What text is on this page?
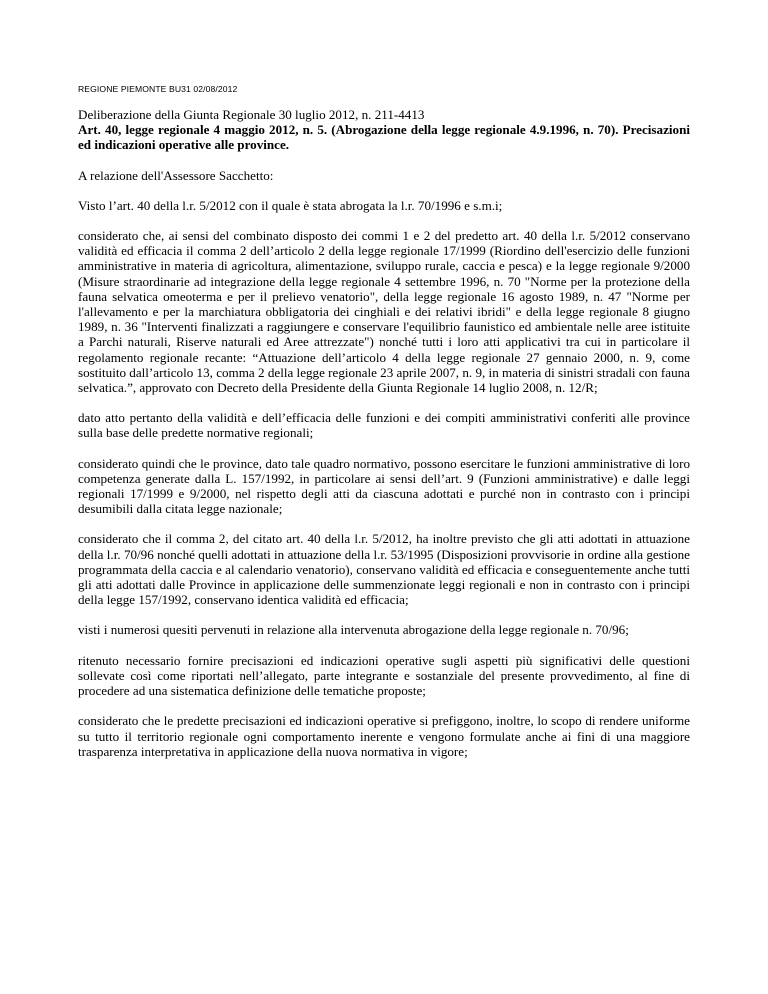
REGIONE PIEMONTE BU31 02/08/2012
Deliberazione della Giunta Regionale 30 luglio 2012, n. 211-4413
Art. 40, legge regionale 4 maggio 2012, n. 5. (Abrogazione della legge regionale 4.9.1996, n. 70). Precisazioni ed indicazioni operative alle province.

A relazione dell'Assessore Sacchetto:

Visto l’art. 40 della l.r. 5/2012 con il quale è stata abrogata la l.r. 70/1996 e s.m.i;

considerato che, ai sensi del combinato disposto dei commi 1 e 2 del predetto art. 40 della l.r. 5/2012 conservano validità ed efficacia il comma 2 dell’articolo 2 della legge regionale 17/1999 (Riordino dell'esercizio delle funzioni amministrative in materia di agricoltura, alimentazione, sviluppo rurale, caccia e pesca) e la legge regionale 9/2000 (Misure straordinarie ad integrazione della legge regionale 4 settembre 1996, n. 70 "Norme per la protezione della fauna selvatica omeoterma e per il prelievo venatorio", della legge regionale 16 agosto 1989, n. 47 "Norme per l'allevamento e per la marchiatura obbligatoria dei cinghiali e dei relativi ibridi" e della legge regionale 8 giugno 1989, n. 36 "Interventi finalizzati a raggiungere e conservare l'equilibrio faunistico ed ambientale nelle aree istituite a Parchi naturali, Riserve naturali ed Aree attrezzate") nonché tutti i loro atti applicativi tra cui in particolare il regolamento regionale recante: “Attuazione dell’articolo 4 della legge regionale 27 gennaio 2000, n. 9, come sostituito dall’articolo 13, comma 2 della legge regionale 23 aprile 2007, n. 9, in materia di sinistri stradali con fauna selvatica.”, approvato con Decreto della Presidente della Giunta Regionale 14 luglio 2008, n. 12/R;

dato atto pertanto della validità e dell’efficacia delle funzioni e dei compiti amministrativi conferiti alle province sulla base delle predette normative regionali;

considerato quindi che le province, dato tale quadro normativo, possono esercitare le funzioni amministrative di loro competenza generate dalla L. 157/1992, in particolare ai sensi dell’art. 9 (Funzioni amministrative) e dalle leggi regionali 17/1999 e 9/2000, nel rispetto degli atti da ciascuna adottati e purché non in contrasto con i principi desumibili dalla citata legge nazionale;

considerato che il comma 2, del citato art. 40 della l.r. 5/2012, ha inoltre previsto che gli atti adottati in attuazione della l.r. 70/96 nonché quelli adottati in attuazione della l.r. 53/1995 (Disposizioni provvisorie in ordine alla gestione programmata della caccia e al calendario venatorio), conservano validità ed efficacia e conseguentemente anche tutti gli atti adottati dalle Province in applicazione delle summenzionate leggi regionali e non in contrasto con i principi della legge 157/1992, conservano identica validità ed efficacia;

visti i numerosi quesiti pervenuti in relazione alla intervenuta abrogazione della legge regionale n. 70/96;

ritenuto necessario fornire precisazioni ed indicazioni operative sugli aspetti più significativi delle questioni sollevate così come riportati nell’allegato, parte integrante e sostanziale del presente provvedimento, al fine di procedere ad una sistematica definizione delle tematiche proposte;

considerato che le predette precisazioni ed indicazioni operative si prefiggono, inoltre, lo scopo di rendere uniforme su tutto il territorio regionale ogni comportamento inerente e vengono formulate anche ai fini di una maggiore trasparenza interpretativa in applicazione della nuova normativa in vigore;
